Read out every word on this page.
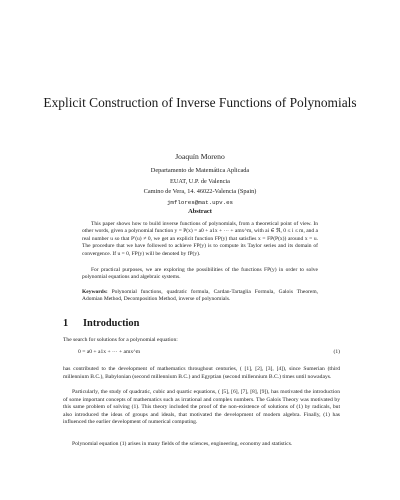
Explicit Construction of Inverse Functions of Polynomials
Joaquín Moreno
Departamento de Matemática Aplicada
EUAT, U.P. de Valencia
Camino de Vera, 14. 46022-Valencia (Spain)
jmflores@mat.upv.es
Abstract
This paper shows how to build inverse functions of polynomials, from a theoretical point of view. In other words, given a polynomial function y = P(x) = a0 + a1x + ··· + amx^m, with ai ∈ ℜ, 0 ≤ i ≤ m, and a real number u so that P′(u) ≠ 0, we get an explicit function FP(y) that satisfies x = FP(P(x)) around x = u. The procedure that we have followed to achieve FP(y) is to compute its Taylor series and its domain of convergence. If u = 0, FP(y) will be denoted by fP(y).
For practical purposes, we are exploring the possibilities of the functions FP(y) in order to solve polynomial equations and algebraic systems.
Keywords: Polynomial functions, quadratic formula, Cardan-Tartaglia Formula, Galois Theorem, Adomian Method, Decomposition Method, inverse of polynomials.
1 Introduction
The search for solutions for a polynomial equation:
0 = a0 + a1x + ··· + amx^m	(1)
has contributed to the development of mathematics throughout centuries, ( [1], [2], [3], [4]), since Sumerian (third millennium B.C.), Babylonian (second millennium B.C.) and Egyptian (second millennium B.C.) times until nowadays.
Particularly, the study of quadratic, cubic and quartic equations, ( [5], [6], [7], [8], [9]), has motivated the introduction of some important concepts of mathematics such as irrational and complex numbers. The Galois Theory was motivated by this same problem of solving (1). This theory included the proof of the non-existence of solutions of (1) by radicals, but also introduced the ideas of groups and ideals, that motivated the development of modern algebra. Finally, (1) has influenced the earlier development of numerical computing.
Polynomial equation (1) arises in many fields of the sciences, engineering, economy and statistics.
